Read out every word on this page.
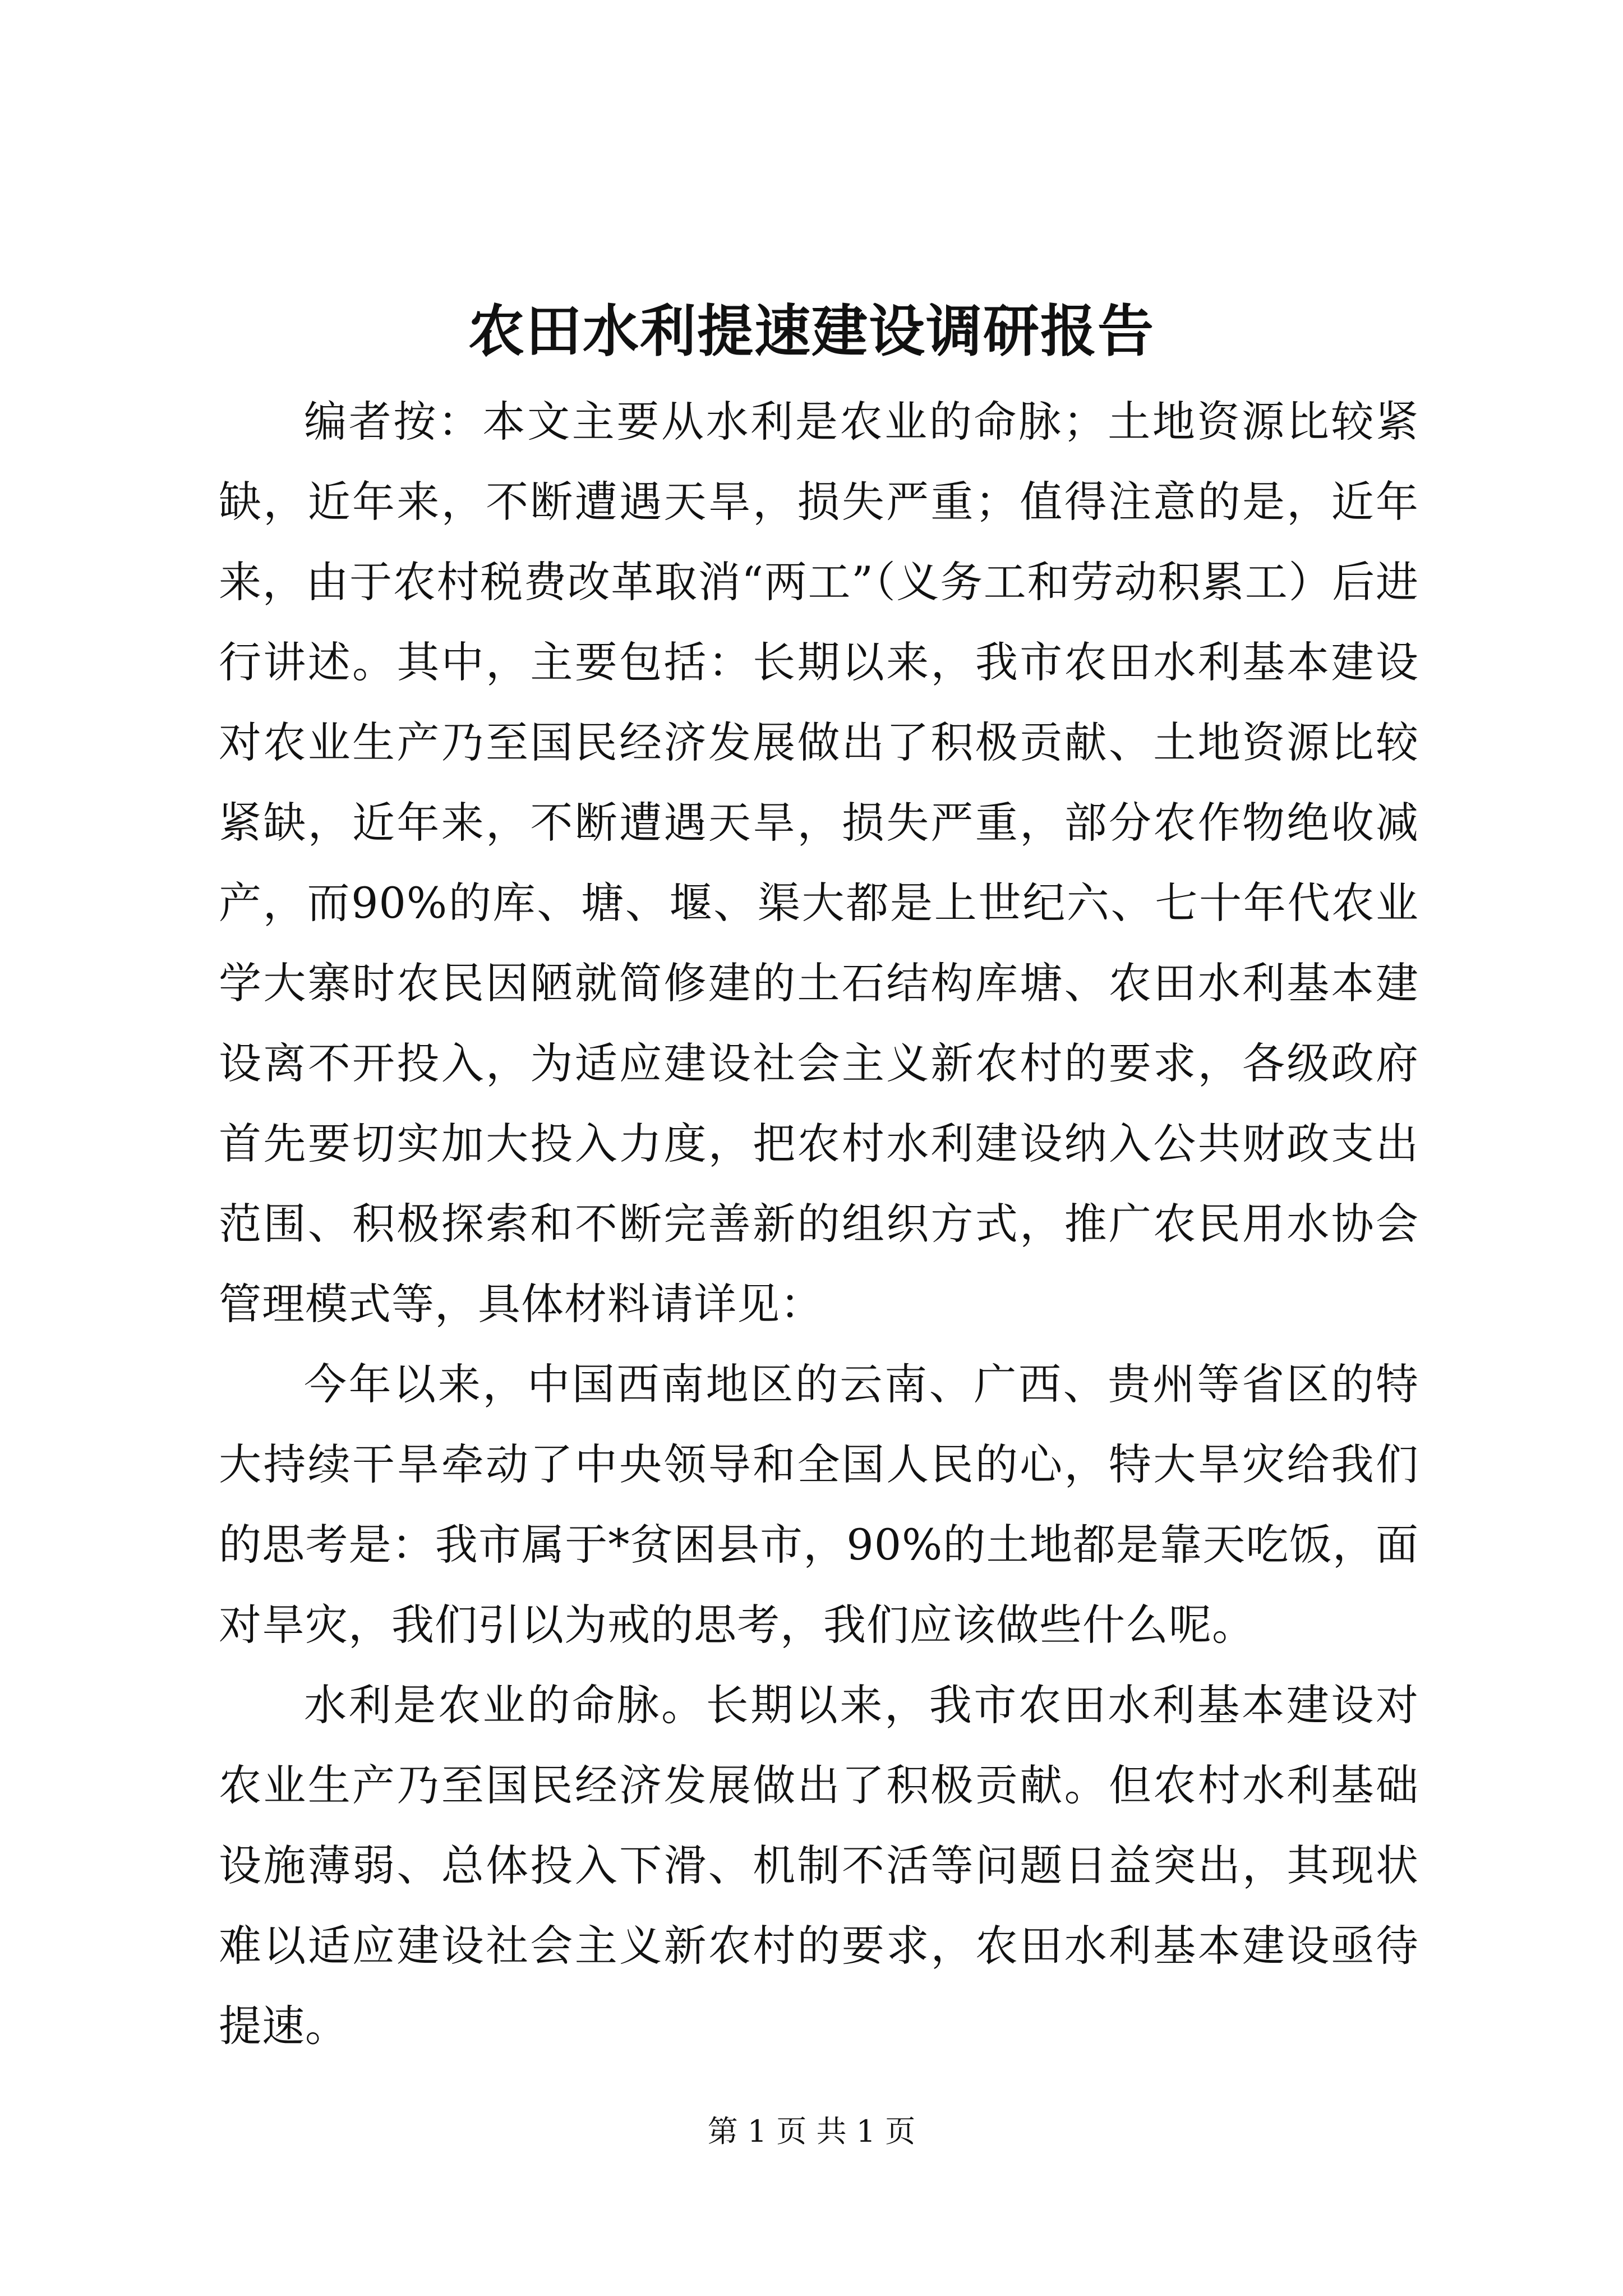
农田水利提速建设调研报告

编者按：本文主要从水利是农业的命脉；土地资源比较紧缺，近年来，不断遭遇天旱，损失严重；值得注意的是，近年来，由于农村税费改革取消“两工”（义务工和劳动积累工）后进行讲述。其中，主要包括：长期以来，我市农田水利基本建设对农业生产乃至国民经济发展做出了积极贡献、土地资源比较紧缺，近年来，不断遭遇天旱，损失严重，部分农作物绝收减产，而90%的库、塘、堰、渠大都是上世纪六、七十年代农业学大寨时农民因陋就简修建的土石结构库塘、农田水利基本建设离不开投入，为适应建设社会主义新农村的要求，各级政府首先要切实加大投入力度，把农村水利建设纳入公共财政支出范围、积极探索和不断完善新的组织方式，推广农民用水协会管理模式等，具体材料请详见：

今年以来，中国西南地区的云南、广西、贵州等省区的特大持续干旱牵动了中央领导和全国人民的心，特大旱灾给我们的思考是：我市属于*贫困县市，90%的土地都是靠天吃饭，面对旱灾，我们引以为戒的思考，我们应该做些什么呢。

水利是农业的命脉。长期以来，我市农田水利基本建设对农业生产乃至国民经济发展做出了积极贡献。但农村水利基础设施薄弱、总体投入下滑、机制不活等问题日益突出，其现状难以适应建设社会主义新农村的要求，农田水利基本建设亟待提速。

第 1 页 共 1 页
